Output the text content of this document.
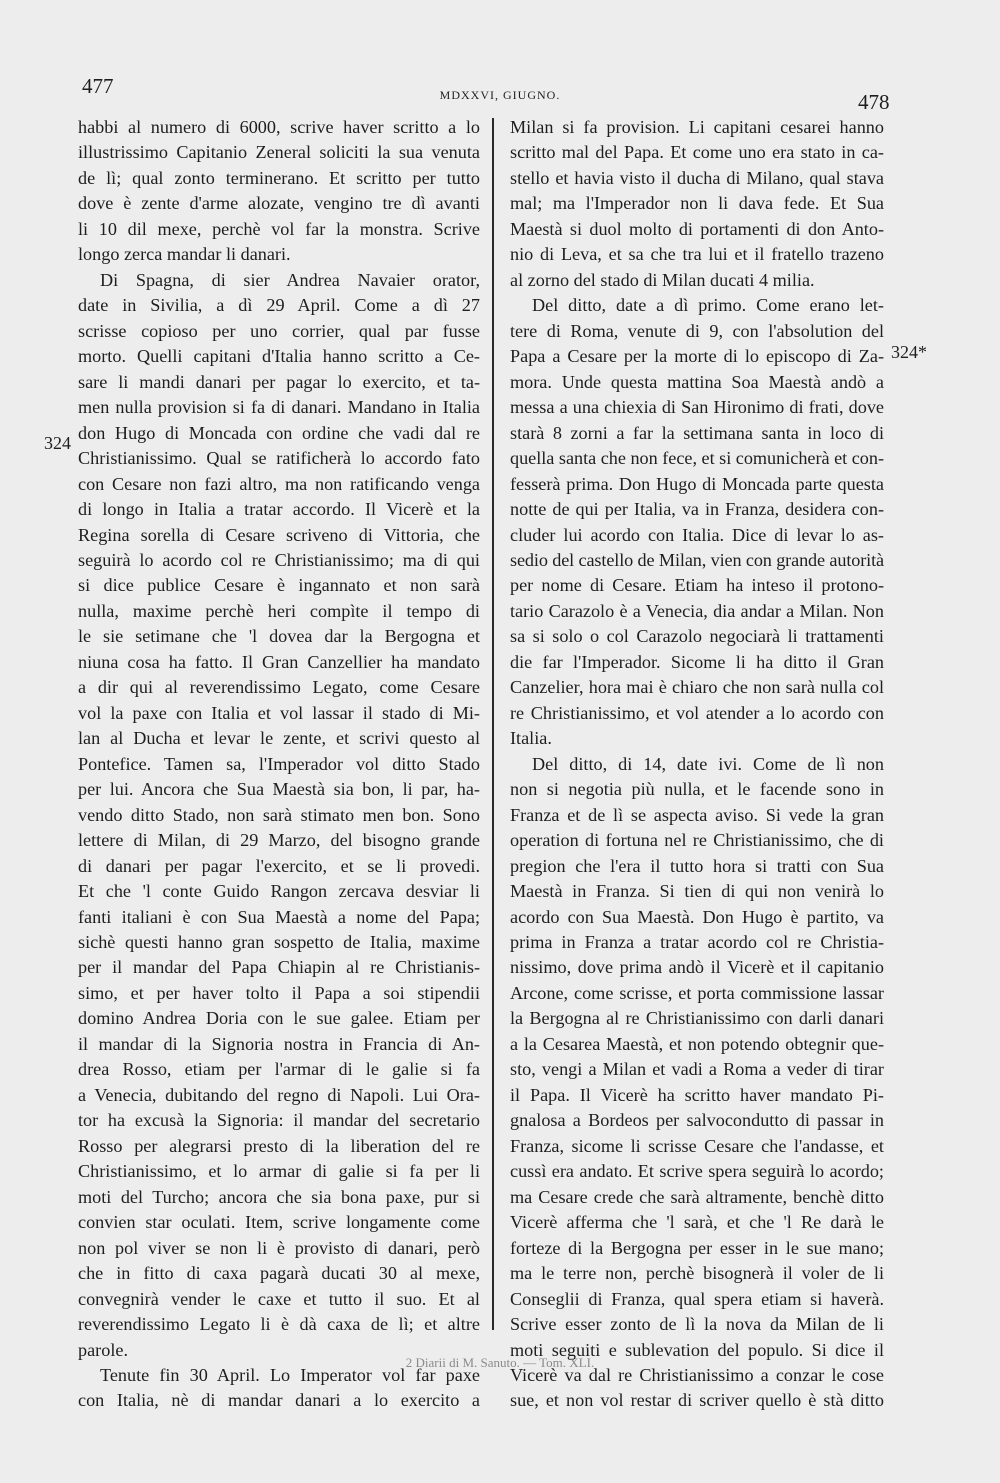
477	MDXXVI, GIUGNO.	478
324
324*
habbi al numero di 6000, scrive haver scritto a lo
illustrissimo Capitanio Zeneral soliciti la sua venuta
de lì; qual zonto terminerano. Et scritto per tutto
dove è zente d'arme alozate, vengino tre dì avanti
li 10 dil mexe, perchè vol far la monstra. Scrive
longo zerca mandar li danari.
Di Spagna, di sier Andrea Navaier orator,
date in Sivilia, a dì 29 April. Come a dì 27
scrisse copioso per uno corrier, qual par fusse
morto. Quelli capitani d'Italia hanno scritto a Ce-
sare li mandi danari per pagar lo exercito, et ta-
men nulla provision si fa di danari. Mandano in Italia
don Hugo di Moncada con ordine che vadi dal re
Christianissimo. Qual se ratificherà lo accordo fato
con Cesare non fazi altro, ma non ratificando venga
di longo in Italia a tratar accordo. Il Vicerè et la
Regina sorella di Cesare scriveno di Vittoria, che
seguirà lo acordo col re Christianissimo; ma di qui
si dice publice Cesare è ingannato et non sarà
nulla, maxime perchè heri compìte il tempo di
le sie setimane che 'l dovea dar la Bergogna et
niuna cosa ha fatto. Il Gran Canzellier ha mandato
a dir qui al reverendissimo Legato, come Cesare
vol la paxe con Italia et vol lassar il stado di Mi-
lan al Ducha et levar le zente, et scrivi questo al
Pontefice. Tamen sa, l'Imperador vol ditto Stado
per lui. Ancora che Sua Maestà sia bon, li par, ha-
vendo ditto Stado, non sarà stimato men bon. Sono
lettere di Milan, di 29 Marzo, del bisogno grande
di danari per pagar l'exercito, et se li provedi.
Et che 'l conte Guido Rangon zercava desviar li
fanti italiani è con Sua Maestà a nome del Papa;
sichè questi hanno gran sospetto de Italia, maxime
per il mandar del Papa Chiapin al re Christianis-
simo, et per haver tolto il Papa a soi stipendii
domino Andrea Doria con le sue galee. Etiam per
il mandar di la Signoria nostra in Francia di An-
drea Rosso, etiam per l'armar di le galie si fa
a Venecia, dubitando del regno di Napoli. Lui Ora-
tor ha excusà la Signoria: il mandar del secretario
Rosso per alegrarsi presto di la liberation del re
Christianissimo, et lo armar di galie si fa per li
moti del Turcho; ancora che sia bona paxe, pur si
convien star oculati. Item, scrive longamente come
non pol viver se non li è provisto di danari, però
che in fitto di caxa pagarà ducati 30 al mexe,
convegnirà vender le caxe et tutto il suo. Et al
reverendissimo Legato li è dà caxa de lì; et altre
parole.
Tenute fin 30 April. Lo Imperator vol far paxe
con Italia, nè di mandar danari a lo exercito a
Milan si fa provision. Li capitani cesarei hanno
scritto mal del Papa. Et come uno era stato in ca-
stello et havia visto il ducha di Milano, qual stava
mal; ma l'Imperador non li dava fede. Et Sua
Maestà si duol molto di portamenti di don Anto-
nio di Leva, et sa che tra lui et il fratello trazeno
al zorno del stado di Milan ducati 4 milia.
Del ditto, date a dì primo. Come erano let-
tere di Roma, venute di 9, con l'absolution del
Papa a Cesare per la morte di lo episcopo di Za-
mora. Unde questa mattina Soa Maestà andò a
messa a una chiexia di San Hironimo di frati, dove
starà 8 zorni a far la settimana santa in loco di
quella santa che non fece, et si comunicherà et con-
fesserà prima. Don Hugo di Moncada parte questa
notte de qui per Italia, va in Franza, desidera con-
cluder lui acordo con Italia. Dice di levar lo as-
sedio del castello de Milan, vien con grande autorità
per nome di Cesare. Etiam ha inteso il protono-
tario Carazolo è a Venecia, dia andar a Milan. Non
sa si solo o col Carazolo negociarà li trattamenti
die far l'Imperador. Sicome li ha ditto il Gran
Canzelier, hora mai è chiaro che non sarà nulla col
re Christianissimo, et vol atender a lo acordo con
Italia.
Del ditto, di 14, date ivi. Come de lì non
non si negotia più nulla, et le facende sono in
Franza et de lì se aspecta aviso. Si vede la gran
operation di fortuna nel re Christianissimo, che di
pregion che l'era il tutto hora si tratti con Sua
Maestà in Franza. Si tien di qui non venirà lo
acordo con Sua Maestà. Don Hugo è partito, va
prima in Franza a tratar acordo col re Christia-
nissimo, dove prima andò il Vicerè et il capitanio
Arcone, come scrisse, et porta commissione lassar
la Bergogna al re Christianissimo con darli danari
a la Cesarea Maestà, et non potendo obtegnir que-
sto, vengi a Milan et vadi a Roma a veder di tirar
il Papa. Il Vicerè ha scritto haver mandato Pi-
gnalosa a Bordeos per salvocondutto di passar in
Franza, sicome li scrisse Cesare che l'andasse, et
cussì era andato. Et scrive spera seguirà lo acordo;
ma Cesare crede che sarà altramente, benchè ditto
Vicerè afferma che 'l sarà, et che 'l Re darà le
forteze di la Bergogna per esser in le sue mano;
ma le terre non, perchè bisognerà il voler de li
Conseglii di Franza, qual spera etiam si haverà.
Scrive esser zonto de lì la nova da Milan de li
moti seguiti e sublevation del populo. Si dice il
Vicerè va dal re Christianissimo a conzar le cose
sue, et non vol restar di scriver quello è stà ditto
2 Diarii di M. Sanuto. — Tom. XLI.
